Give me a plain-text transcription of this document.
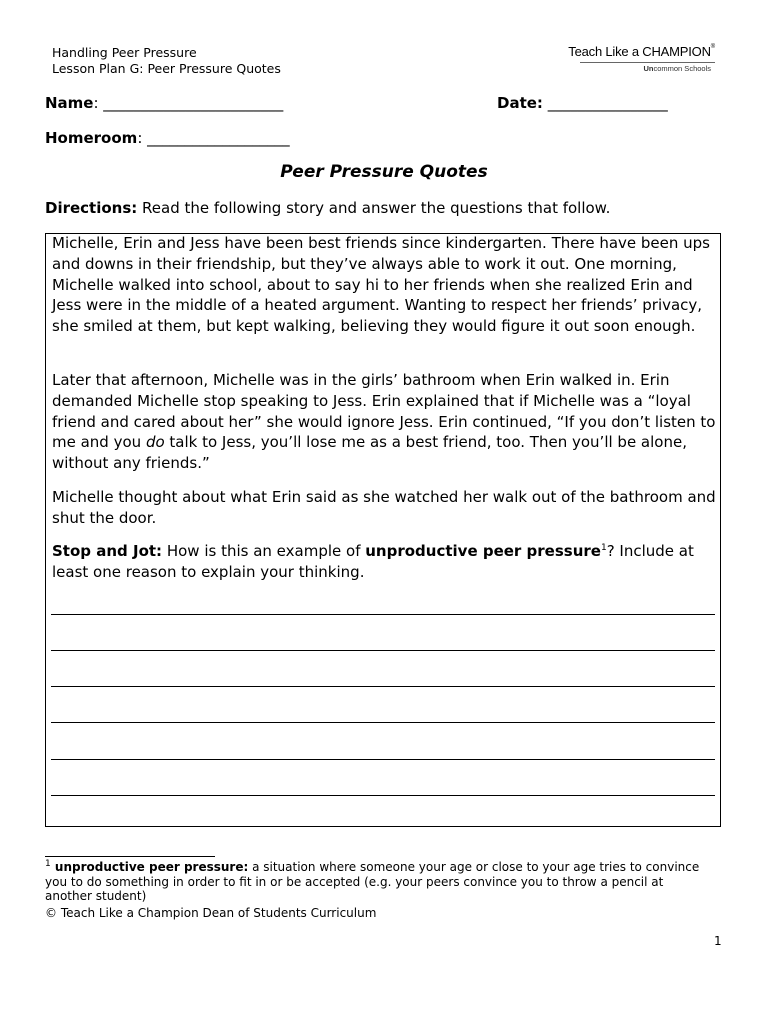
Handling Peer Pressure
Lesson Plan G: Peer Pressure Quotes
Teach Like a CHAMPION®
Uncommon Schools
Name: ________________________	Date: ________________
Homeroom: ___________________
Peer Pressure Quotes
Directions: Read the following story and answer the questions that follow.
Michelle, Erin and Jess have been best friends since kindergarten. There have been ups and downs in their friendship, but they’ve always able to work it out. One morning, Michelle walked into school, about to say hi to her friends when she realized Erin and Jess were in the middle of a heated argument. Wanting to respect her friends’ privacy, she smiled at them, but kept walking, believing they would figure it out soon enough.
Later that afternoon, Michelle was in the girls’ bathroom when Erin walked in. Erin demanded Michelle stop speaking to Jess. Erin explained that if Michelle was a “loyal friend and cared about her” she would ignore Jess. Erin continued, “If you don’t listen to me and you do talk to Jess, you’ll lose me as a best friend, too. Then you’ll be alone, without any friends.”
Michelle thought about what Erin said as she watched her walk out of the bathroom and shut the door.
Stop and Jot: How is this an example of unproductive peer pressure$^1$? Include at least one reason to explain your thinking.
$^1$ unproductive peer pressure: a situation where someone your age or close to your age tries to convince you to do something in order to fit in or be accepted (e.g. your peers convince you to throw a pencil at another student)
© Teach Like a Champion Dean of Students Curriculum
1
